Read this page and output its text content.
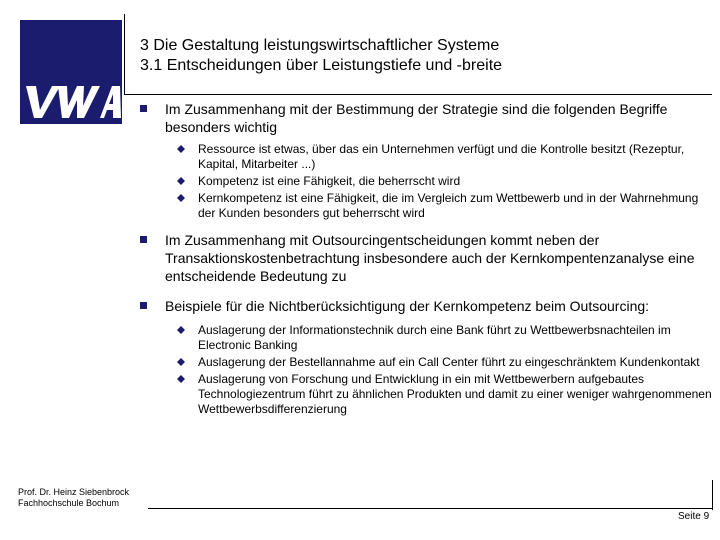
3 Die Gestaltung leistungswirtschaftlicher Systeme
3.1 Entscheidungen über Leistungstiefe und -breite
Im Zusammenhang mit der Bestimmung der Strategie sind die folgenden Begriffe besonders wichtig
Ressource ist etwas, über das ein Unternehmen verfügt und die Kontrolle besitzt (Rezeptur, Kapital, Mitarbeiter ...)
Kompetenz ist eine Fähigkeit, die beherrscht wird
Kernkompetenz ist eine Fähigkeit, die im Vergleich zum Wettbewerb und in der Wahrnehmung der Kunden besonders gut beherrscht wird
Im Zusammenhang mit Outsourcingentscheidungen kommt neben der Transaktionskostenbetrachtung insbesondere auch der Kernkompentenzanalyse eine entscheidende Bedeutung zu
Beispiele für die Nichtberücksichtigung der Kernkompetenz beim Outsourcing:
Auslagerung der Informationstechnik durch eine Bank führt zu Wettbewerbsnachteilen im Electronic Banking
Auslagerung der Bestellannahme auf ein Call Center führt zu eingeschränktem Kundenkontakt
Auslagerung von Forschung und Entwicklung in ein mit Wettbewerbern aufgebautes Technologiezentrum führt zu ähnlichen Produkten und damit zu einer weniger wahrgenommenen Wettbewerbsdifferenzierung
Prof. Dr. Heinz Siebenbrock
Fachhochschule Bochum
Seite 9
